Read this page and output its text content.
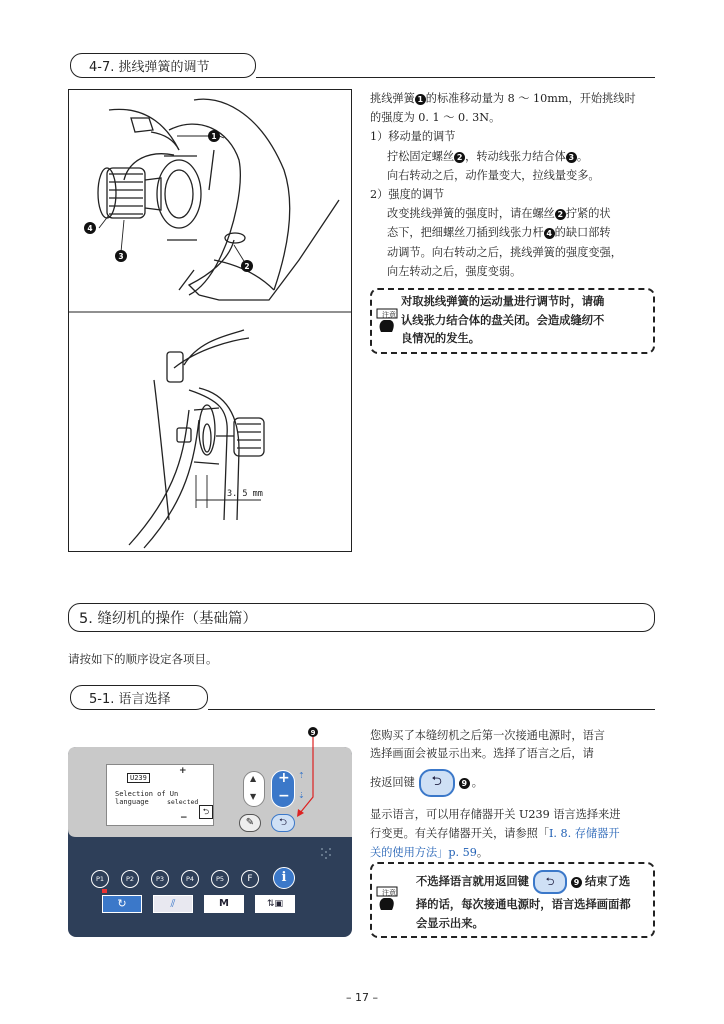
4-7. 挑线弹簧的调节
1
2
3
4
3. 5 mm
挑线弹簧 1 的标准移动量为 8 ～ 10mm，开始挑线时
的强度为 0. 1 ～ 0. 3N。
1）移动量的调节
拧松固定螺丝 2 ，转动线张力结合体 3 。
向右转动之后，动作量变大，拉线量变多。
2）强度的调节
改变挑线弹簧的强度时，请在螺丝 2 拧紧的状
态下，把细螺丝刀插到线张力杆 4 的缺口部转
动调节。向右转动之后，挑线弹簧的强度变强，
向左转动之后，强度变弱。
注 意
对取挑线弹簧的运动量进行调节时，请确
认线张力结合体的盘关闭。会造成缝纫不
良情况的发生。
5. 缝纫机的操作（基础篇）
请按如下的顺序设定各项目。
5-1. 语言选择
9
U239
+
Selection of Un
language	selected
−
⮌
▲
▼
+
−
⇡
⇣
✎	⮌
P1	P2	P3	P4	P5	F	i
↻	⫽	M	⇅▣
您购买了本缝纫机之后第一次接通电源时，语言
选择画面会被显示出来。选择了语言之后，请
按返回键	⮌	9 。
显示语言，可以用存储器开关 U239 语言选择来进
行变更。有关存储器开关，请参照「I. 8. 存储器开
关的使用方法」p. 59。
注 意
不选择语言就用返回键	⮌	9 结束了选
择的话，每次接通电源时，语言选择画面都
会显示出来。
– 17 –
